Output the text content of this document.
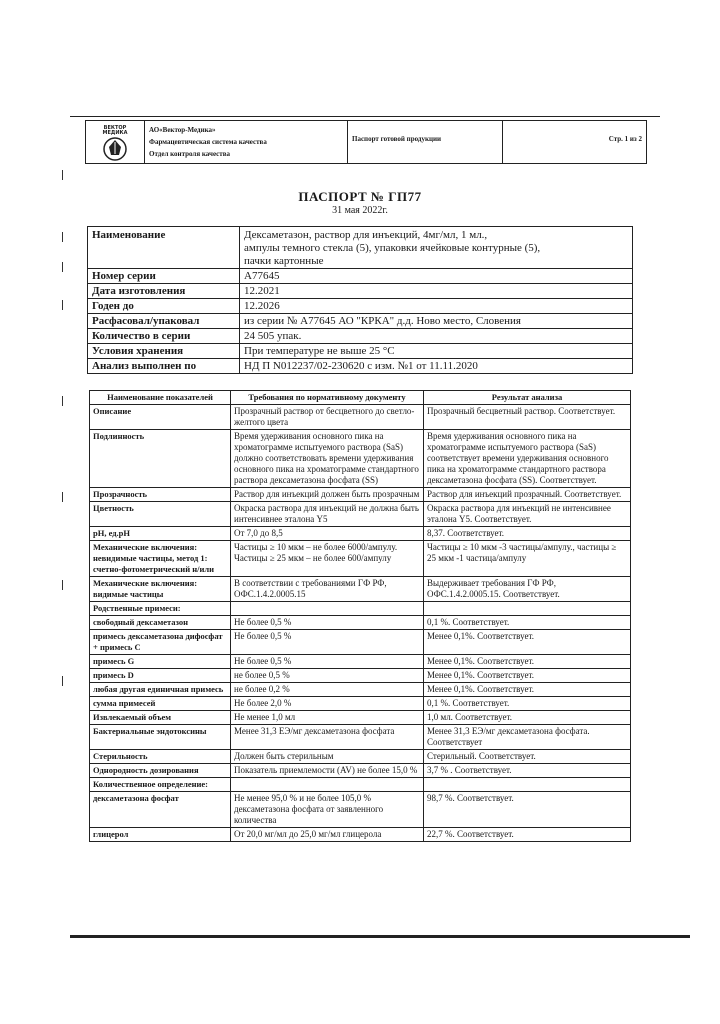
ВЕКТОР
МЕДИКА	АО«Вектор-Медика»
Фармацевтическая система качества
Отдел контроля качества
Паспорт готовой продукции	Стр. 1 из 2
ПАСПОРТ № ГП77
31 мая 2022г.
Наименование	Дексаметазон, раствор для инъекций, 4мг/мл, 1 мл.,
ампулы темного стекла (5), упаковки ячейковые контурные (5),
пачки картонные

Номер серии	А77645
Дата изготовления	12.2021
Годен до	12.2026
Расфасовал/упаковал	из серии № А77645 АО "КРКА" д.д. Ново место, Словения
Количество в серии	24 505 упак.
Условия хранения	При температуре не выше 25 °С
Анализ выполнен по	НД П N012237/02-230620 с изм. №1 от 11.11.2020
Наименование показателей	Требования по нормативному документу	Результат анализа
Описание	Прозрачный раствор от бесцветного до светло-желтого цвета	Прозрачный бесцветный раствор. Соответствует.
Подлинность	Время удерживания основного пика на хроматограмме испытуемого раствора (SaS) должно соответствовать времени удерживания основного пика на хроматограмме стандартного раствора дексаметазона фосфата (SS)	Время удерживания основного пика на хроматограмме испытуемого раствора (SaS) соответствует времени удерживания основного пика на хроматограмме стандартного раствора дексаметазона фосфата (SS). Соответствует.
Прозрачность	Раствор для инъекций должен быть прозрачным	Раствор для инъекций прозрачный. Соответствует.
Цветность	Окраска раствора для инъекций не должна быть интенсивнее эталона Y5	Окраска раствора для инъекций не интенсивнее эталона Y5. Соответствует.
рН, ед.рН	От 7,0 до 8,5	8,37. Соответствует.
Механические включения: невидимые частицы, метод 1: счетно-фотометрический н/или	Частицы ≥ 10 мкм – не более 6000/ампулу. Частицы ≥ 25 мкм – не более 600/ампулу	Частицы ≥ 10 мкм -3 частицы/ампулу., частицы ≥ 25 мкм -1 частица/ампулу
Механические включения: видимые частицы	В соответствии с требованиями ГФ РФ, ОФС.1.4.2.0005.15	Выдерживает требования ГФ РФ, ОФС.1.4.2.0005.15. Соответствует.
Родственные примеси:		
свободный дексаметазон	Не более 0,5 %	0,1 %. Соответствует.
примесь дексаметазона дифосфат + примесь С	Не более 0,5 %	Менее 0,1%. Соответствует.
примесь G	Не более 0,5 %	Менее 0,1%. Соответствует.
примесь D	не более 0,5 %	Менее 0,1%. Соответствует.
любая другая единичная примесь	не более 0,2 %	Менее 0,1%. Соответствует.
сумма примесей	Не более 2,0 %	0,1 %. Соответствует.
Извлекаемый объем	Не менее 1,0 мл	1,0 мл. Соответствует.
Бактериальные эндотоксины	Менее 31,3 ЕЭ/мг дексаметазона фосфата	Менее 31,3 ЕЭ/мг дексаметазона фосфата. Соответствует
Стерильность	Должен быть стерильным	Стерильный. Соответствует.
Однородность дозирования	Показатель приемлемости (AV) не более 15,0 %	3,7 % . Соответствует.
Количественное определение:		
дексаметазона фосфат	Не менее 95,0 % и не более 105,0 % дексаметазона фосфата от заявленного количества	98,7 %. Соответствует.
глицерол	От 20,0 мг/мл до 25,0 мг/мл глицерола	22,7 %. Соответствует.
